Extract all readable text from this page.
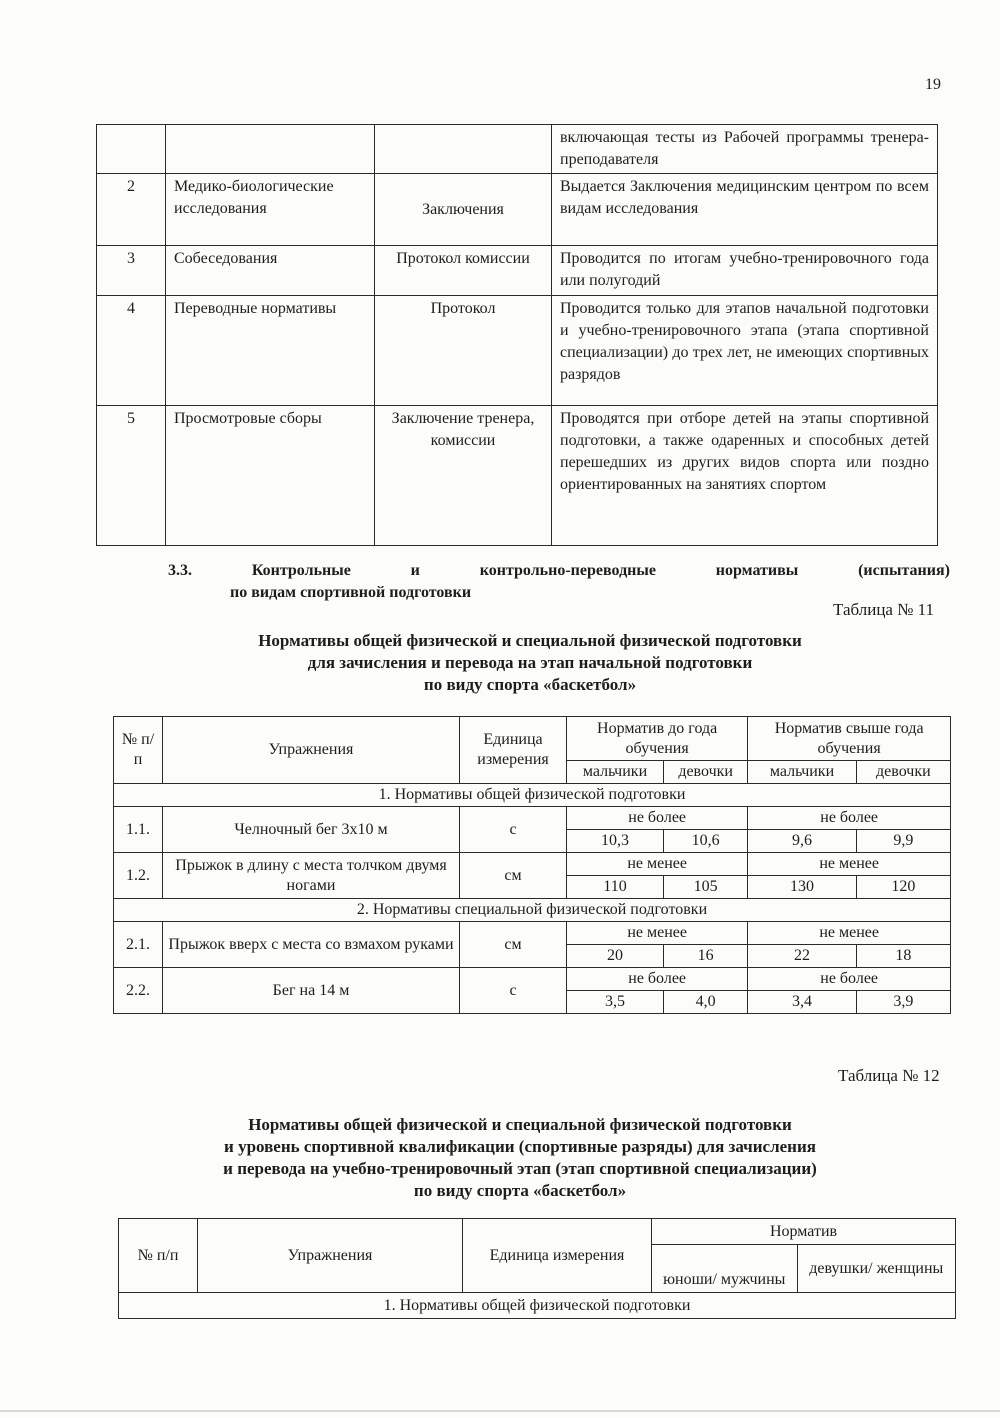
19
			включающая тесты из Рабочей программы тренера-преподавателя
2	Медико-биологические исследования	Заключения	Выдается Заключения медицинским центром по всем видам исследования
3	Собеседования	Протокол комиссии	Проводится по итогам учебно-тренировочного года или полугодий
4	Переводные нормативы	Протокол	Проводится только для этапов начальной подготовки и учебно-тренировочного этапа (этапа спортивной специализации) до трех лет, не имеющих спортивных разрядов
5	Просмотровые сборы	Заключение тренера, комиссии	Проводятся при отборе детей на этапы спортивной подготовки, а также одаренных и способных детей перешедших из других видов спорта или поздно ориентированных на занятиях спортом
3.3.	Контрольные	и	контрольно-переводные	нормативы	(испытания)
по видам спортивной подготовки
Таблица № 11
Нормативы общей физической и специальной физической подготовки
для зачисления и перевода на этап начальной подготовки
по виду спорта «баскетбол»
№ п/п	Упражнения	Единица измерения	Норматив до года обучения		Норматив свыше года обучения	
			мальчики	девочки	мальчики	девочки
1. Нормативы общей физической подготовки						
1.1.	Челночный бег 3х10 м	с	не более		не более	
			10,3	10,6	9,6	9,9
1.2.	Прыжок в длину с места толчком двумя ногами	см	не менее		не менее	
			110	105	130	120
2. Нормативы специальной физической подготовки						
2.1.	Прыжок вверх с места со взмахом руками	см	не менее		не менее	
			20	16	22	18
2.2.	Бег на 14 м	с	не более		не более	
			3,5	4,0	3,4	3,9
Таблица № 12
Нормативы общей физической и специальной физической подготовки
и уровень спортивной квалификации (спортивные разряды) для зачисления
и перевода на учебно-тренировочный этап (этап спортивной специализации)
по виду спорта «баскетбол»
№ п/п	Упражнения	Единица измерения	Норматив	
			юноши/ мужчины	девушки/ женщины
1. Нормативы общей физической подготовки				
